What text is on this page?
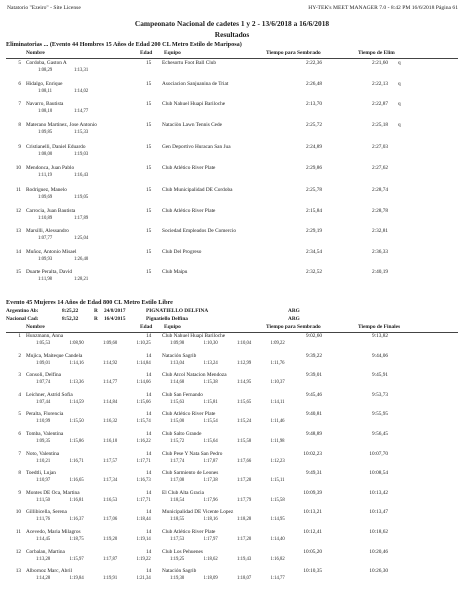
Natatorio "Ezeiro" - Site License	HY-TEK's MEET MANAGER 7.0 - 8:42 PM 16/6/2018 Página 61
Campeonato Nacional de cadetes 1 y 2 - 13/6/2018 a 16/6/2018
Resultados
Eliminatorias ... (Evento 44 Hombres 15 Años de Edad 200 CL Metro Estilo de Mariposa)
Nombre	Edad Equipo	Tiempo para Sembrado	Tiempo de Elim
5 Cordoba, Gaston A	15 Echesortu Foot Ball Club	2:22,36	2:21,60 q
1:08,29	1:13,31
6 Hidalgo, Enrique	15 Asociacion Sanjuanina de Triat	2:26,48	2:22,13 q
1:08,11	1:14,02
7 Navarro, Bautista	15 Club Nahuel Huapi Bariloche	2:13,70	2:22,87 q
1:08,10	1:14,77
8 Materano Martinez, Jose Antonio	15 Nataciòn Lawn Tennis Cede	2:25,72	2:25,18 q
1:09,85	1:15,33
9 Cristianelli, Daniel Eduardo	15 Gen Deportivo Huracan San Jua	2:24,89	2:27,03
1:08,00	1:19,03
10 Mendonca, Juan Pablo	15 Club Atlético River Plate	2:29,86	2:27,62
1:11,19	1:16,43
11 Rodriguez, Manelo	15 Club Municipalidad DE Cordoba	2:25,78	2:28,74
1:09,69	1:19,05
12 Carrocia, Juan Bautista	15 Club Atlético River Plate	2:15,84	2:28,78
1:10,89	1:17,89
13 Marsilli, Alessandro	15 Sociedad Empleados De Comercio	2:29,19	2:32,81
1:07,77	1:25,04
14 Muñoz, Antonio Misael	15 Club Del Progreso	2:34,54	2:36,33
1:09,93	1:26,40
15 Duarte Peralta, David	15 Club Maipu	2:32,52	2:40,19
1:11,98	1:28,21
Evento 45 Mujeres 14 Años de Edad 800 CL Metro Estilo Libre
Argentino Ab:	8:25,22	R 24/8/2017	PIGNATIELLO DELFINA	ARG
Nacional Cad:	8:52,32	R 16/4/2015	Pignatiello Delfina	ARG
Nombre	Edad Equipo	Tiempo para Sembrado	Tiempo de Finales
1 Hunzmann, Anna	14 Club Nahuel Huapi Bariloche	9:02,60	9:13,82
1:05,53	1:08,90	1:09,60	1:10,25	1:09,98	1:10,30	1:10,04	1:09,22
2 Mujica, Maiteque Candela	14 Natación Sagrib	9:39,22	9:44,06
1:09,01	1:14,16	1:14,92	1:14,84	1:13,04	1:13,24	1:12,99	1:11,76
3 Consoli, Delfina	14 Club Atcol Natacion Mendoza	9:39,01	9:45,91
1:07,74	1:13,36	1:14,77	1:14,66	1:14,68	1:15,38	1:14,95	1:10,37
4 Leichner, Astrid Sofia	14 Club San Fernando	9:45,46	9:53,73
1:07,44	1:14,59	1:14,84	1:15,66	1:15,63	1:15,81	1:15,65	1:14,11
5 Peralta, Florencia	14 Club Atlético River Plate	9:40,81	9:55,95
1:10,99	1:15,50	1:16,32	1:15,74	1:15,00	1:15,54	1:15,24	1:11,46
6 Tomba, Valentina	14 Club Salto Grande	9:48,89	9:56,45
1:09,35	1:15,86	1:16,10	1:16,22	1:15,72	1:15,64	1:15,58	1:11,98
7 Noto, Valentina	14 Club Pese Y Nata San Pedro	10:02,23	10:07,70
1:10,21	1:16,71	1:17,57	1:17,71	1:17,74	1:17,87	1:17,66	1:12,23
8 Toedtli, Lujan	14 Club Sarmiento de Leones	9:49,31	10:08,54
1:10,97	1:16,65	1:17,34	1:16,73	1:17,08	1:17,38	1:17,28	1:15,11
9 Montes DE Oca, Martina	14 El Club Alta Gracia	10:09,39	10:13,42
1:11,50	1:16,81	1:16,53	1:17,71	1:18,54	1:17,96	1:17,79	1:15,58
10 Gillibicella, Serena	14 Municipalidad DE Vicente Lopez	10:13,21	10:13,47
1:11,76	1:16,37	1:17,06	1:18,44	1:18,55	1:18,16	1:18,28	1:14,95
11 Acevedo, Maria Milagros	14 Club Atlético River Plate	10:12,41	10:18,62
1:14,45	1:18,75	1:19,20	1:19,14	1:17,53	1:17,97	1:17,20	1:14,40
12 Corbalan, Martina	14 Club Los Pehuenes	10:05,20	10:20,46
1:13,28	1:15,97	1:17,87	1:19,22	1:19,25	1:18,62	1:19,43	1:16,82
13 Albornoz Marc, Abril	14 Natación Sagrib	10:10,35	10:26,30
1:14,28	1:19,84	1:19,91	1:21,34	1:19,30	1:18,09	1:18,07	1:14,77
